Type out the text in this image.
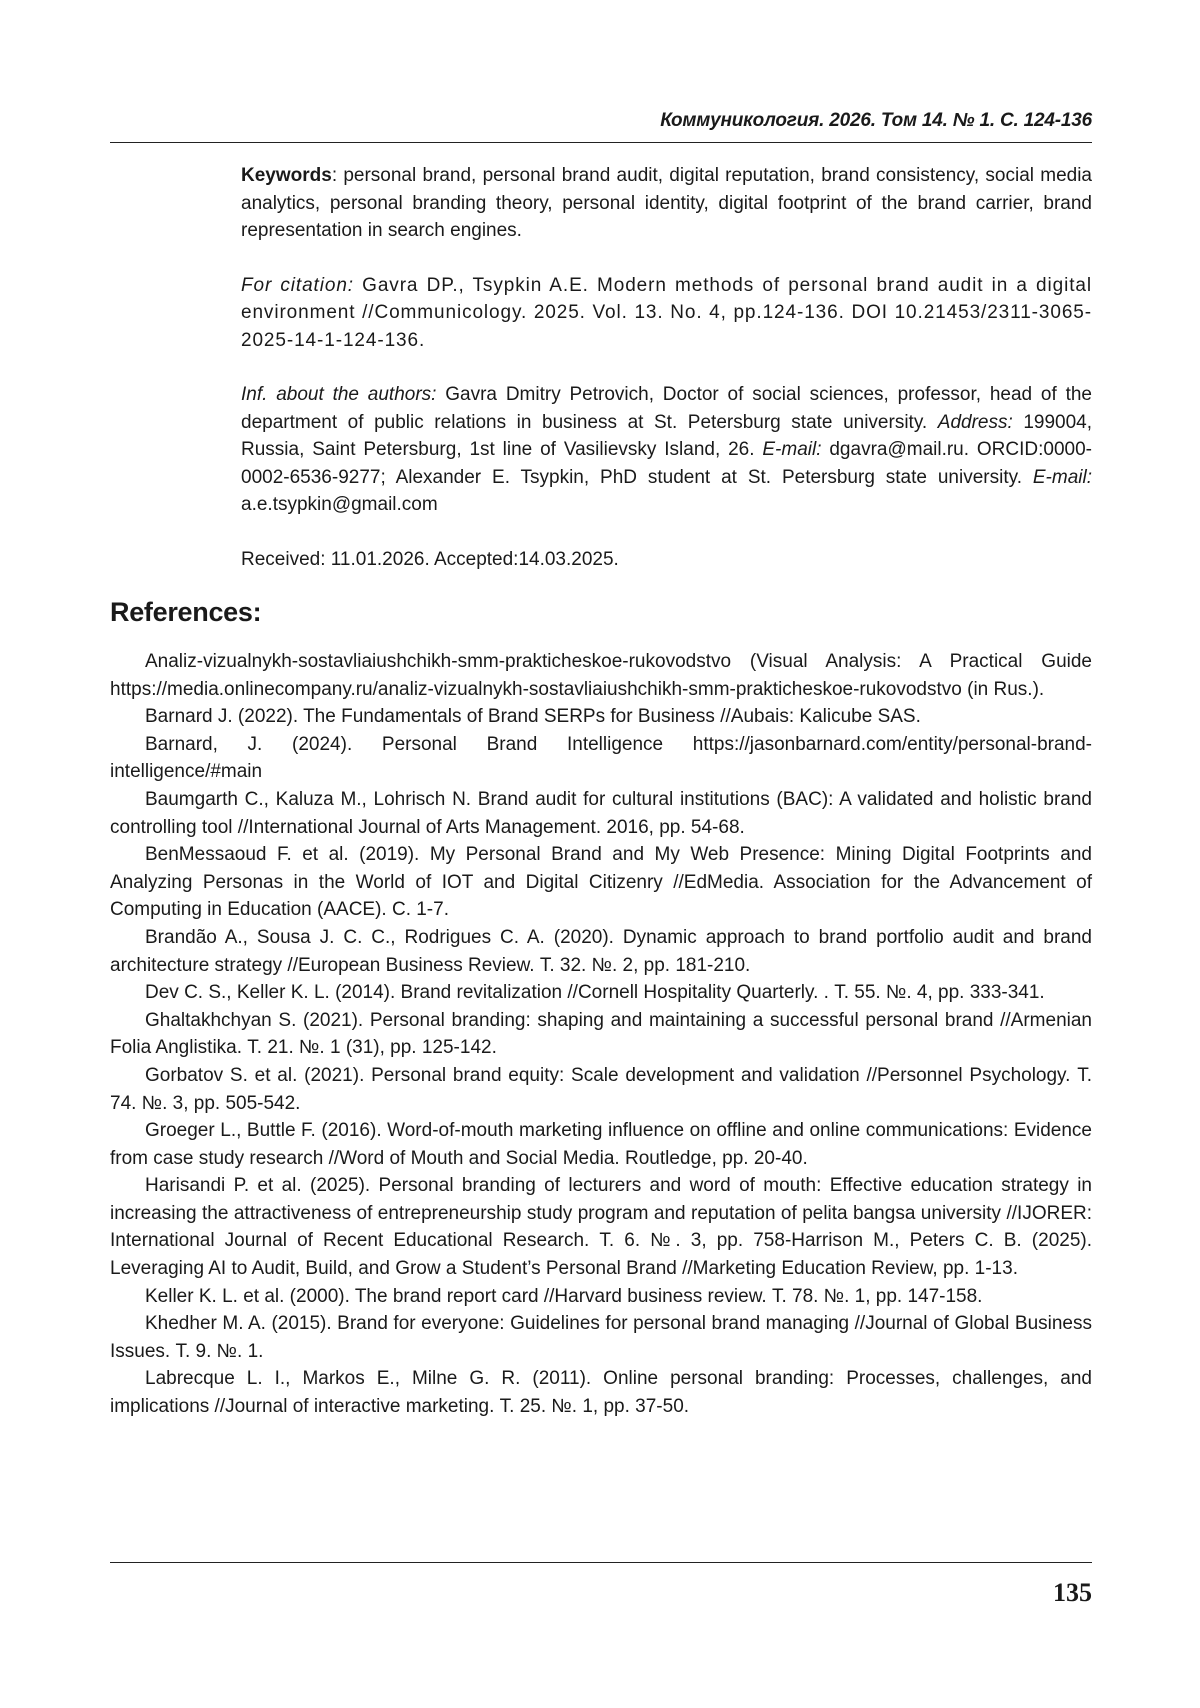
Коммуникология. 2026. Том 14. № 1. С. 124-136

Keywords: personal brand, personal brand audit, digital reputation, brand consistency, social media analytics, personal branding theory, personal identity, digital footprint of the brand carrier, brand representation in search engines.

For citation: Gavra DP., Tsypkin A.E. Modern methods of personal brand audit in a digital environment //Communicology. 2025. Vol. 13. No. 4, pp.124-136. DOI 10.21453/2311-3065-2025-14-1-124-136.

Inf. about the authors: Gavra Dmitry Petrovich, Doctor of social sciences, professor, head of the department of public relations in business at St. Petersburg state university. Address: 199004, Russia, Saint Petersburg, 1st line of Vasilievsky Island, 26. E-mail: dgavra@mail.ru. ORCID:0000-0002-6536-9277; Alexander E. Tsypkin, PhD student at St. Petersburg state university. E-mail: a.e.tsypkin@gmail.com

Received: 11.01.2026. Accepted:14.03.2025.

References:

Analiz-vizualnykh-sostavliaiushchikh-smm-prakticheskoe-rukovodstvo (Visual Analysis: A Practical Guide https://media.onlinecompany.ru/analiz-vizualnykh-sostavliaiushchikh-smm-prakticheskoe-rukovodstvo (in Rus.).

Barnard J. (2022). The Fundamentals of Brand SERPs for Business //Aubais: Kalicube SAS.

Barnard, J. (2024). Personal Brand Intelligence https://jasonbarnard.com/entity/personal-brand-intelligence/#main

Baumgarth C., Kaluza M., Lohrisch N. Brand audit for cultural institutions (BAC): A validated and holistic brand controlling tool //International Journal of Arts Management. 2016, pp. 54-68.

BenMessaoud F. et al. (2019). My Personal Brand and My Web Presence: Mining Digital Footprints and Analyzing Personas in the World of IOT and Digital Citizenry //EdMedia. Association for the Advancement of Computing in Education (AACE). С. 1-7.

Brandão A., Sousa J. C. C., Rodrigues C. A. (2020). Dynamic approach to brand portfolio audit and brand architecture strategy //European Business Review. Т. 32. №. 2, pp. 181-210.

Dev C. S., Keller K. L. (2014). Brand revitalization //Cornell Hospitality Quarterly. . Т. 55. №. 4, pp. 333-341.

Ghaltakhchyan S. (2021). Personal branding: shaping and maintaining a successful personal brand //Armenian Folia Anglistika. Т. 21. №. 1 (31), pp. 125-142.

Gorbatov S. et al. (2021). Personal brand equity: Scale development and validation //Personnel Psychology. Т. 74. №. 3, pp. 505-542.

Groeger L., Buttle F. (2016). Word-of-mouth marketing influence on offline and online communications: Evidence from case study research //Word of Mouth and Social Media. Routledge, pp. 20-40.

Harisandi P. et al. (2025). Personal branding of lecturers and word of mouth: Effective education strategy in increasing the attractiveness of entrepreneurship study program and reputation of pelita bangsa university //IJORER: International Journal of Recent Educational Research. Т. 6. №. 3, pp. 758-Harrison M., Peters C. B. (2025). Leveraging AI to Audit, Build, and Grow a Student’s Personal Brand //Marketing Education Review, pp. 1-13.

Keller K. L. et al. (2000). The brand report card //Harvard business review. Т. 78. №. 1, pp. 147-158.

Khedher M. A. (2015). Brand for everyone: Guidelines for personal brand managing //Journal of Global Business Issues. Т. 9. №. 1.

Labrecque L. I., Markos E., Milne G. R. (2011). Online personal branding: Processes, challenges, and implications //Journal of interactive marketing. Т. 25. №. 1, pp. 37-50.

135
